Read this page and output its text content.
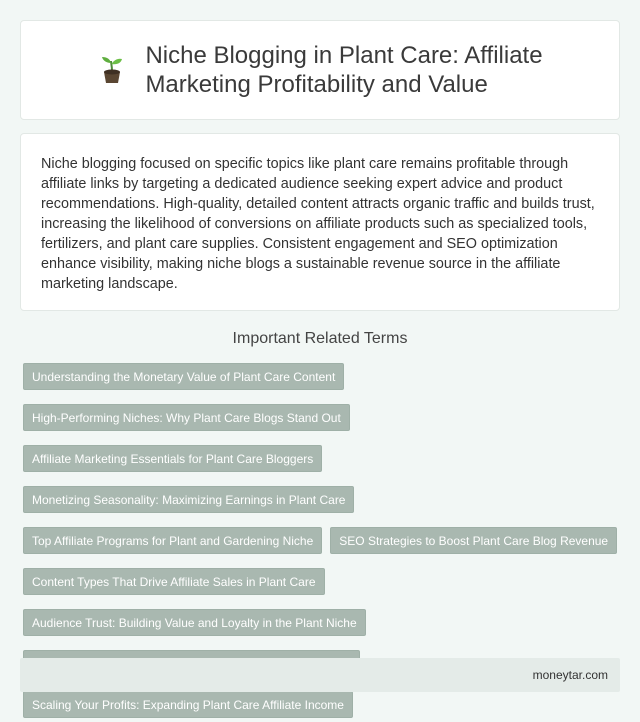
Niche Blogging in Plant Care: Affiliate
Marketing Profitability and Value

Niche blogging focused on specific topics like plant care remains profitable through affiliate links by targeting a dedicated audience seeking expert advice and product recommendations. High-quality, detailed content attracts organic traffic and builds trust, increasing the likelihood of conversions on affiliate products such as specialized tools, fertilizers, and plant care supplies. Consistent engagement and SEO optimization enhance visibility, making niche blogs a sustainable revenue source in the affiliate marketing landscape.

Important Related Terms
Understanding the Monetary Value of Plant Care Content
High-Performing Niches: Why Plant Care Blogs Stand Out
Affiliate Marketing Essentials for Plant Care Bloggers
Monetizing Seasonality: Maximizing Earnings in Plant Care
Top Affiliate Programs for Plant and Gardening Niche	SEO Strategies to Boost Plant Care Blog Revenue
Content Types That Drive Affiliate Sales in Plant Care
Audience Trust: Building Value and Loyalty in the Plant Niche
Scaling Your Profits: Expanding Plant Care Affiliate Income
moneytar.com
